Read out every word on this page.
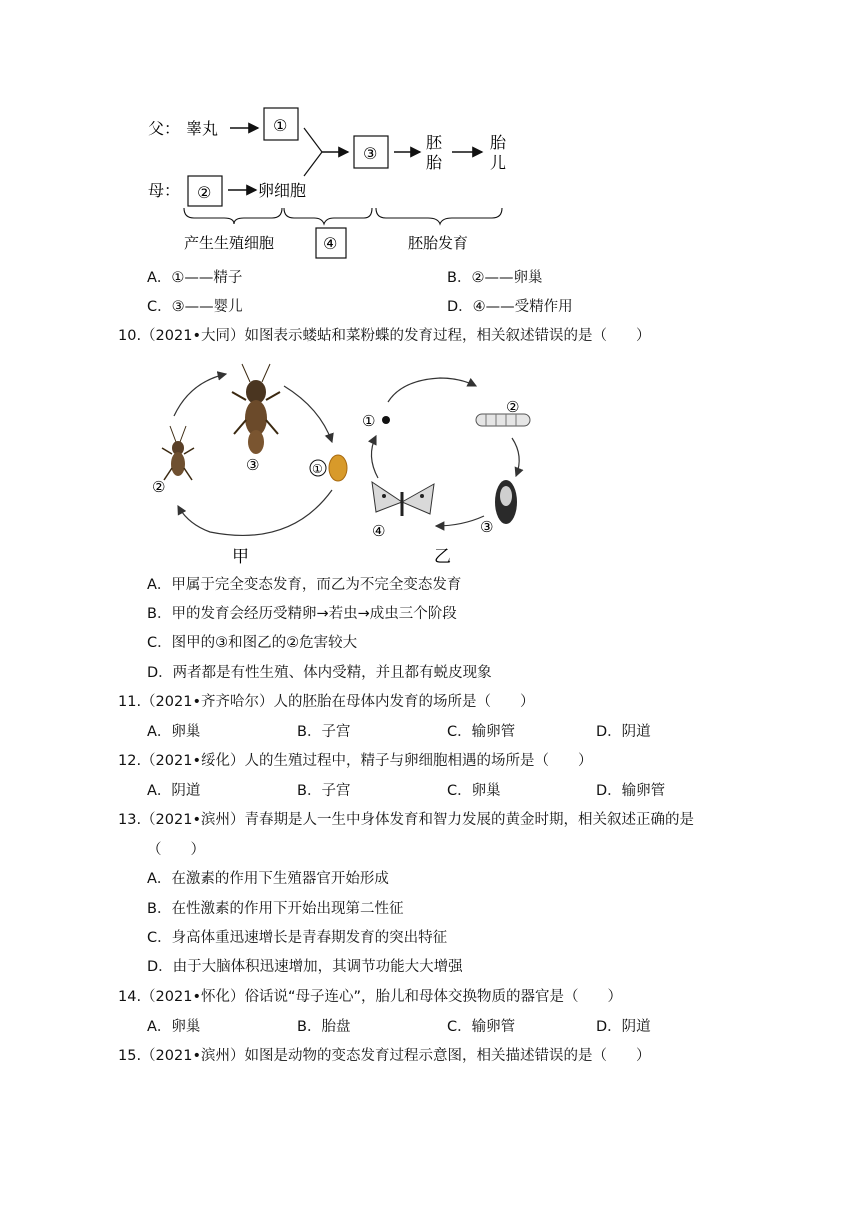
父： 睾丸	①
母： ②	卵细胞
③
胚
胎
胎
儿
产生生殖细胞	④	胚胎发育
A．①——精子	B．②——卵巢
C．③——婴儿	D．④——受精作用
10.（2021•大同）如图表示蝼蛄和菜粉蝶的发育过程，相关叙述错误的是（　　）
①
②
③
甲
①
②
③
④
乙
A．甲属于完全变态发育，而乙为不完全变态发育
B．甲的发育会经历受精卵→若虫→成虫三个阶段
C．图甲的③和图乙的②危害较大
D．两者都是有性生殖、体内受精，并且都有蜕皮现象
11.（2021•齐齐哈尔）人的胚胎在母体内发育的场所是（　　）
A．卵巢	B．子宫	C．输卵管	D．阴道
12.（2021•绥化）人的生殖过程中，精子与卵细胞相遇的场所是（　　）
A．阴道	B．子宫	C．卵巢	D．输卵管
13.（2021•滨州）青春期是人一生中身体发育和智力发展的黄金时期，相关叙述正确的是
（　　）
A．在激素的作用下生殖器官开始形成
B．在性激素的作用下开始出现第二性征
C．身高体重迅速增长是青春期发育的突出特征
D．由于大脑体积迅速增加，其调节功能大大增强
14.（2021•怀化）俗话说“母子连心”，胎儿和母体交换物质的器官是（　　）
A．卵巢	B．胎盘	C．输卵管	D．阴道
15.（2021•滨州）如图是动物的变态发育过程示意图，相关描述错误的是（　　）
